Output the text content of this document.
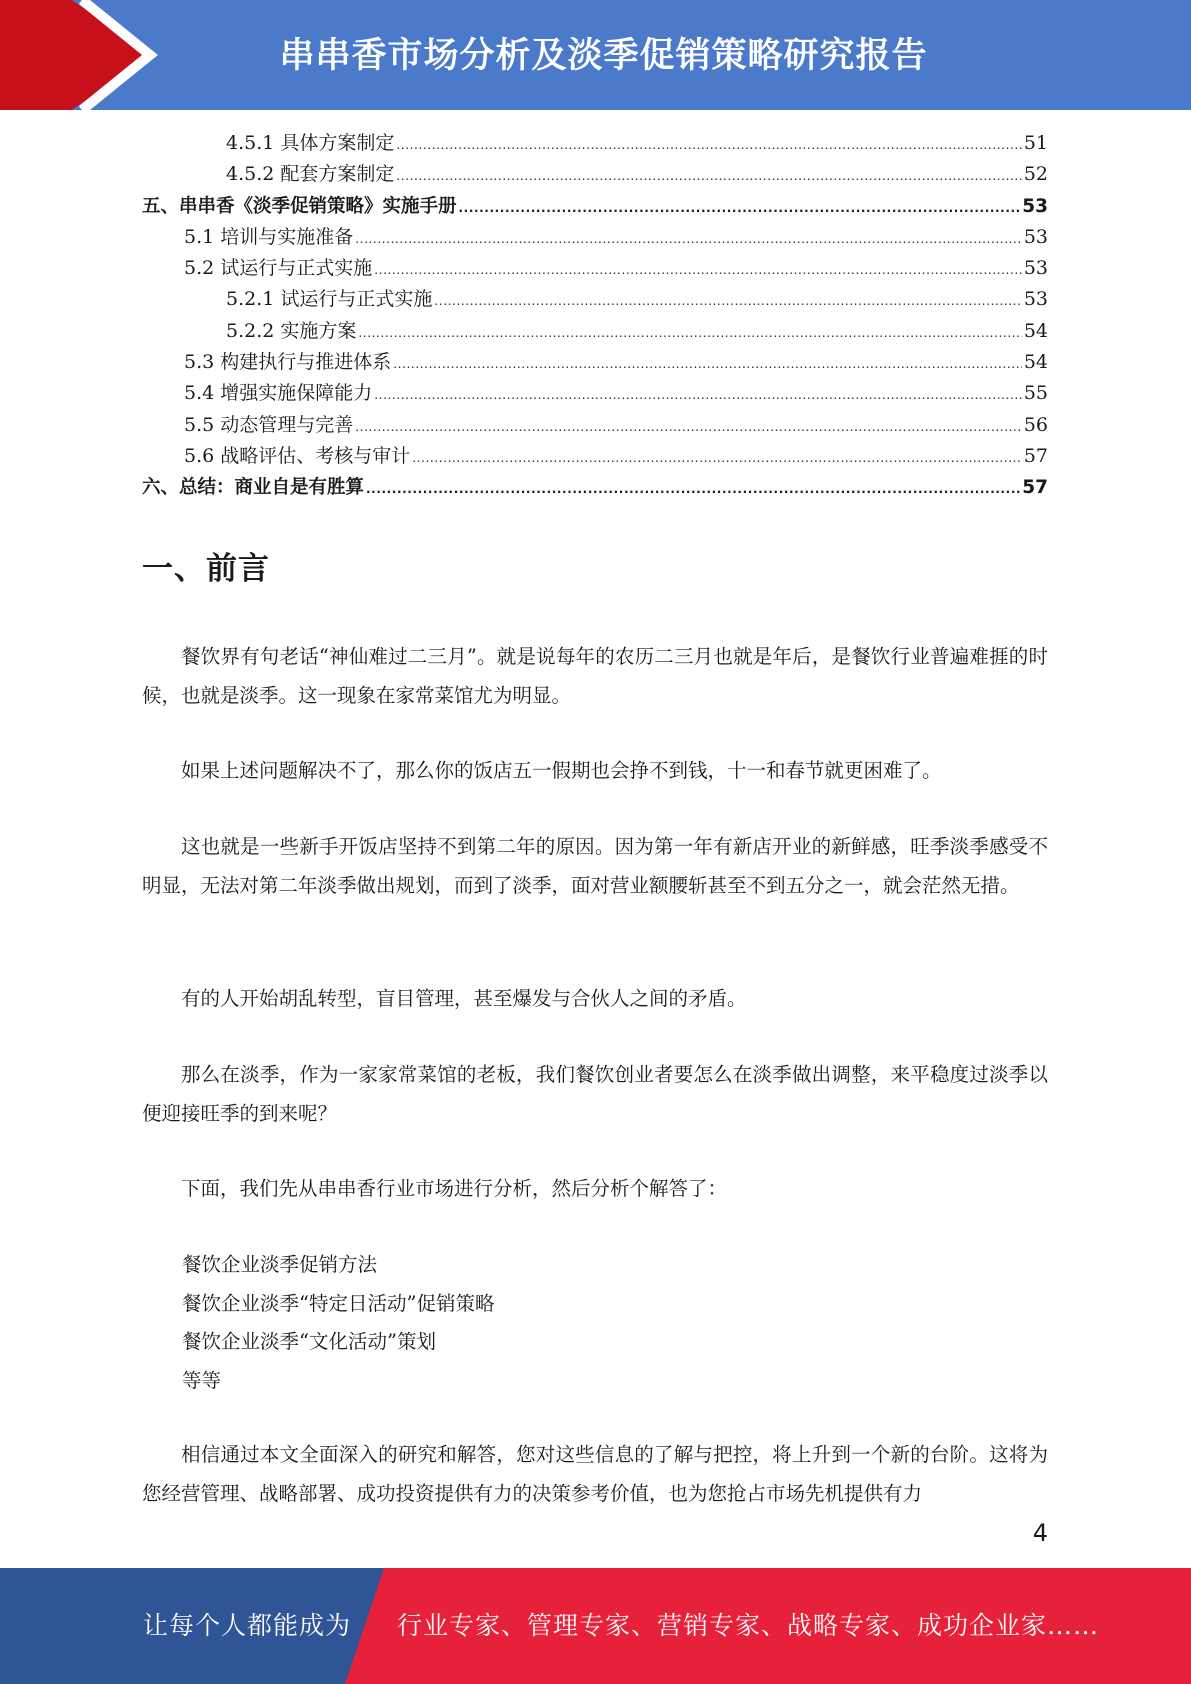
串串香市场分析及淡季促销策略研究报告
4.5.1 具体方案制定 .....	51
4.5.2 配套方案制定 .....	52
五、串串香《淡季促销策略》实施手册 .....	53
5.1 培训与实施准备 .....	53
5.2 试运行与正式实施 .....	53
5.2.1 试运行与正式实施 .....	53
5.2.2 实施方案 .....	54
5.3 构建执行与推进体系 .....	54
5.4 增强实施保障能力 .....	55
5.5 动态管理与完善 .....	56
5.6 战略评估、考核与审计 .....	57
六、总结：商业自是有胜算 .....	57
一、前言

餐饮界有句老话“神仙难过二三月”。就是说每年的农历二三月也就是年后，是餐饮行业普遍难捱的时候，也就是淡季。这一现象在家常菜馆尤为明显。

如果上述问题解决不了，那么你的饭店五一假期也会挣不到钱，十一和春节就更困难了。

这也就是一些新手开饭店坚持不到第二年的原因。因为第一年有新店开业的新鲜感，旺季淡季感受不明显，无法对第二年淡季做出规划，而到了淡季，面对营业额腰斩甚至不到五分之一，就会茫然无措。

有的人开始胡乱转型，盲目管理，甚至爆发与合伙人之间的矛盾。

那么在淡季，作为一家家常菜馆的老板，我们餐饮创业者要怎么在淡季做出调整，来平稳度过淡季以便迎接旺季的到来呢？

下面，我们先从串串香行业市场进行分析，然后分析个解答了：

餐饮企业淡季促销方法
餐饮企业淡季“特定日活动”促销策略
餐饮企业淡季“文化活动”策划
等等

相信通过本文全面深入的研究和解答，您对这些信息的了解与把控，将上升到一个新的台阶。这将为您经营管理、战略部署、成功投资提供有力的决策参考价值，也为您抢占市场先机提供有力

4
让每个人都能成为 行业专家、管理专家、营销专家、战略专家、成功企业家……
